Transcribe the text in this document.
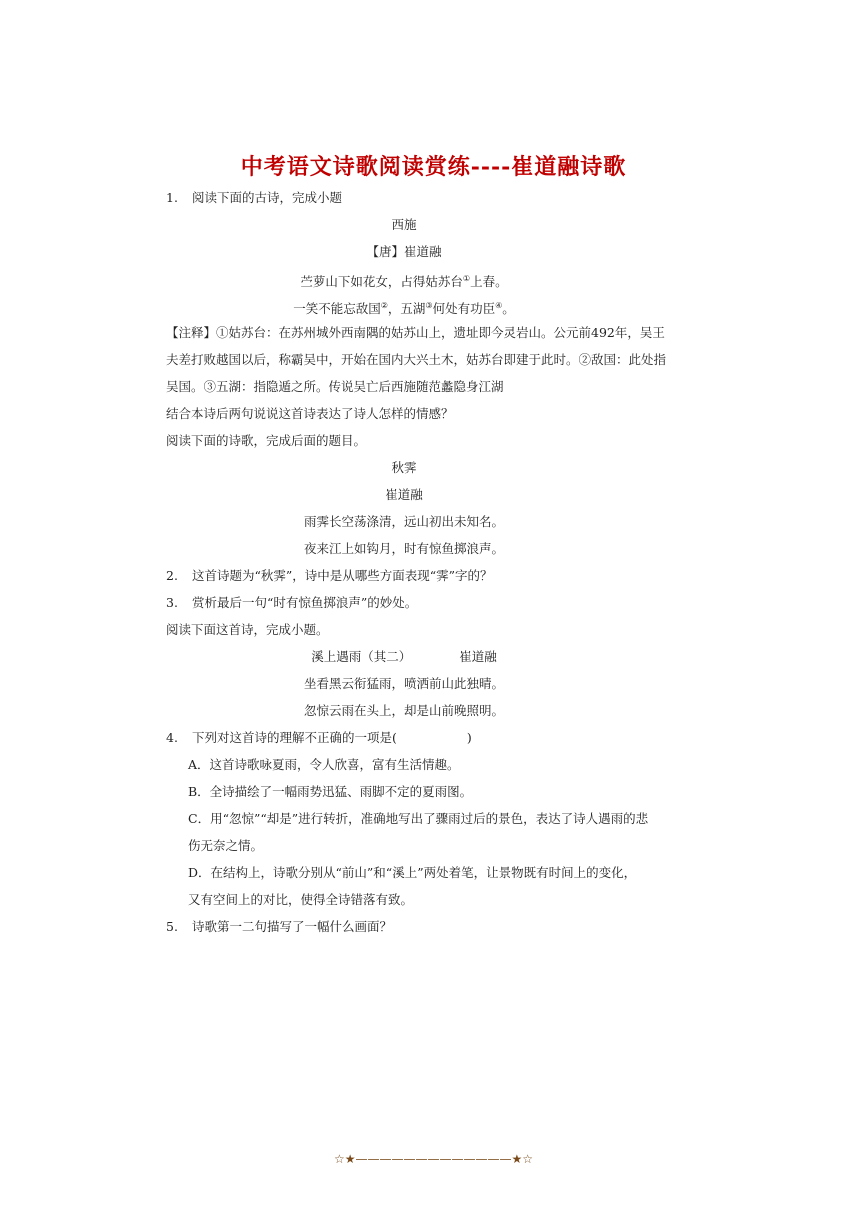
中考语文诗歌阅读赏练----崔道融诗歌
1. 阅读下面的古诗，完成小题
西施
【唐】崔道融
苎萝山下如花女，占得姑苏台①上春。
一笑不能忘敌国②，五湖③何处有功臣④。
【注释】①姑苏台：在苏州城外西南隅的姑苏山上，遗址即今灵岩山。公元前492年，吴王
夫差打败越国以后，称霸吴中，开始在国内大兴土木，姑苏台即建于此时。②敌国：此处指
吴国。③五湖：指隐遁之所。传说吴亡后西施随范蠡隐身江湖
结合本诗后两句说说这首诗表达了诗人怎样的情感？
阅读下面的诗歌，完成后面的题目。
秋霁
崔道融
雨霁长空荡涤清，远山初出未知名。
夜来江上如钩月，时有惊鱼掷浪声。
2. 这首诗题为“秋霁”，诗中是从哪些方面表现“霁”字的？
3. 赏析最后一句“时有惊鱼掷浪声”的妙处。
阅读下面这首诗，完成小题。
溪上遇雨（其二）	崔道融
坐看黑云衔猛雨，喷洒前山此独晴。
忽惊云雨在头上，却是山前晚照明。
4. 下列对这首诗的理解不正确的一项是(	)
A．这首诗歌咏夏雨，令人欣喜，富有生活情趣。
B．全诗描绘了一幅雨势迅猛、雨脚不定的夏雨图。
C．用“忽惊”“却是”进行转折，准确地写出了骤雨过后的景色，表达了诗人遇雨的悲
伤无奈之情。
D．在结构上，诗歌分别从“前山”和“溪上”两处着笔，让景物既有时间上的变化，
又有空间上的对比，使得全诗错落有致。
5. 诗歌第一二句描写了一幅什么画面？
☆★—————————————★☆
